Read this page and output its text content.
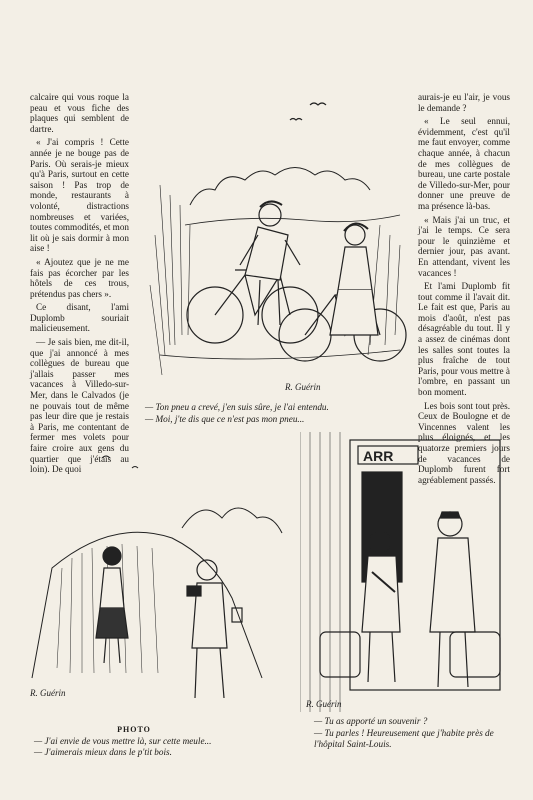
calcaire qui vous roque la peau et vous fiche des plaques qui semblent de dartre.

« J'ai compris ! Cette année je ne bouge pas de Paris. Où serais-je mieux qu'à Paris, surtout en cette saison ! Pas trop de monde, restaurants à volonté, distractions nombreuses et variées, toutes commodités, et mon lit où je sais dormir à mon aise !

« Ajoutez que je ne me fais pas écorcher par les hôtels de ces trous, prétendus pas chers ».

Ce disant, l'ami Duplomb souriait malicieusement.

— Je sais bien, me dit-il, que j'ai annoncé à mes collègues de bureau que j'allais passer mes vacances à Villedo-sur-Mer, dans le Calvados (je ne pouvais tout de même pas leur dire que je restais à Paris, me contentant de fermer mes volets pour faire croire aux gens du quartier que j'étais au loin). De quoi

aurais-je eu l'air, je vous le demande ?

« Le seul ennui, évidemment, c'est qu'il me faut envoyer, comme chaque année, à chacun de mes collègues de bureau, une carte postale de Villedo-sur-Mer, pour donner une preuve de ma présence là-bas.

« Mais j'ai un truc, et j'ai le temps. Ce sera pour le quinzième et dernier jour, pas avant. En attendant, vivent les vacances !

Et l'ami Duplomb fit tout comme il l'avait dit. Le fait est que, Paris au mois d'août, n'est pas désagréable du tout. Il y a assez de cinémas dont les salles sont toutes la plus fraîche de tout Paris, pour vous mettre à l'ombre, en passant un bon moment.

Les bois sont tout près. Ceux de Boulogne et de Vincennes valent les plus éloignés, et les quatorze premiers jours de vacances de Duplomb furent fort agréablement passés.

R. Guérin
— Ton pneu a crevé, j'en suis sûre, je l'ai entendu.
— Moi, j'te dis que ce n'est pas mon pneu...
R. Guérin
PHOTO
— J'ai envie de vous mettre là, sur cette meule...
— J'aimerais mieux dans le p'tit bois.
ARR
R. Guérin
— Tu as apporté un souvenir ?
— Tu parles ! Heureusement que j'habite près de l'hôpital Saint-Louis.
